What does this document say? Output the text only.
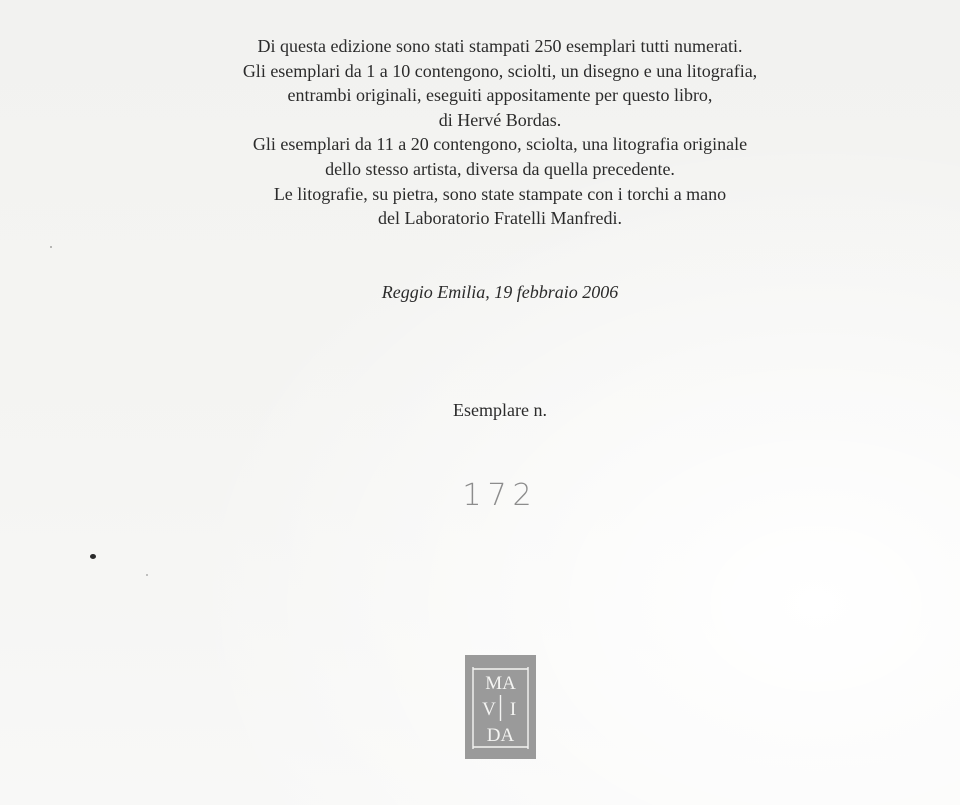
Di questa edizione sono stati stampati 250 esemplari tutti numerati.
Gli esemplari da 1 a 10 contengono, sciolti, un disegno e una litografia,
entrambi originali, eseguiti appositamente per questo libro,
di Hervé Bordas.
Gli esemplari da 11 a 20 contengono, sciolta, una litografia originale
dello stesso artista, diversa da quella precedente.
Le litografie, su pietra, sono state stampate con i torchi a mano
del Laboratorio Fratelli Manfredi.
Reggio Emilia, 19 febbraio 2006
Esemplare n.
172
MA
V I
DA
